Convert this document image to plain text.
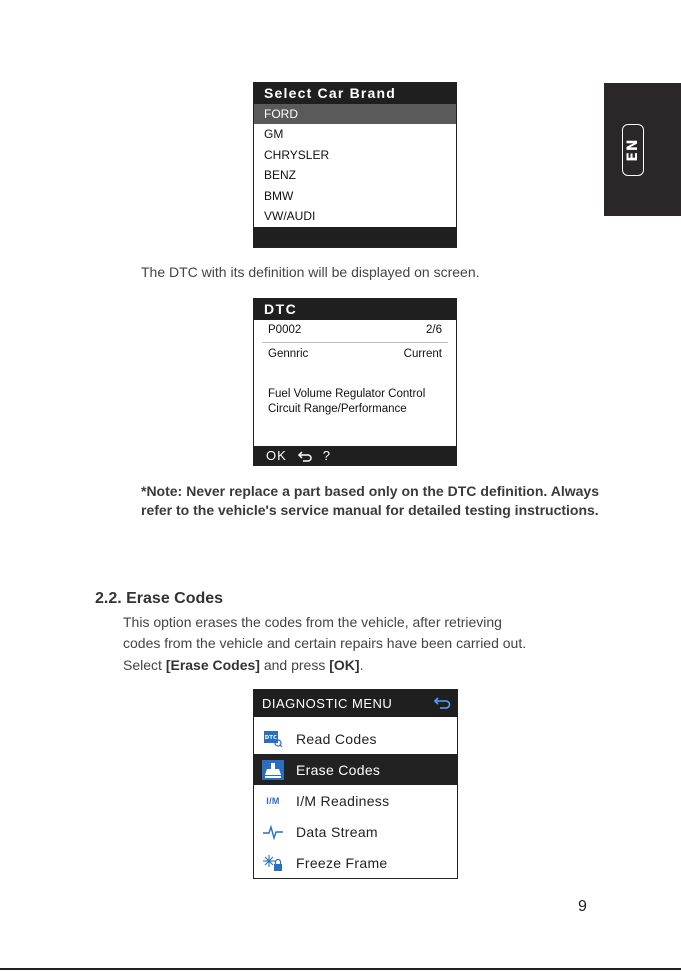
EN
Select Car Brand
FORD
GM
CHRYSLER
BENZ
BMW
VW/AUDI
The DTC with its definition will be displayed on screen.
DTC
P0002	2/6
Gennric	Current
Fuel Volume Regulator Control
Circuit Range/Performance
OK	?
*Note: Never replace a part based only on the DTC definition. Always refer to the vehicle's service manual for detailed testing instructions.
2.2. Erase Codes
This option erases the codes from the vehicle, after retrieving
codes from the vehicle and certain repairs have been carried out.
Select [Erase Codes] and press [OK].
DIAGNOSTIC MENU
DTC Read Codes
Erase Codes
I/M	I/M Readiness
Data Stream
Freeze Frame
9
